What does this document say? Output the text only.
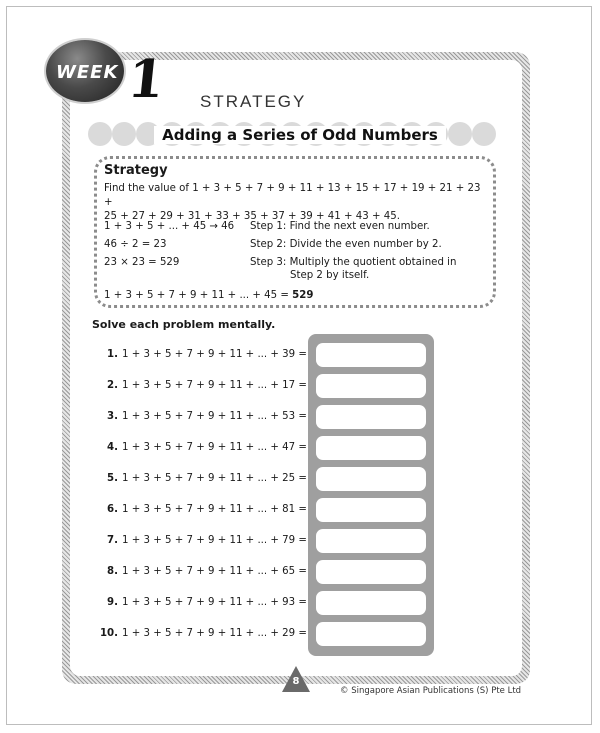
WEEK 1 STRATEGY
Adding a Series of Odd Numbers
Strategy
Find the value of 1 + 3 + 5 + 7 + 9 + 11 + 13 + 15 + 17 + 19 + 21 + 23 +
25 + 27 + 29 + 31 + 33 + 35 + 37 + 39 + 41 + 43 + 45.
1 + 3 + 5 + ... + 45 → 46 Step 1: Find the next even number.
46 ÷ 2 = 23	Step 2: Divide the even number by 2.
23 × 23 = 529	Step 3: Multiply the quotient obtained in
Step 2 by itself.
1 + 3 + 5 + 7 + 9 + 11 + ... + 45 = 529
Solve each problem mentally.
1. 1 + 3 + 5 + 7 + 9 + 11 + ... + 39 =
2. 1 + 3 + 5 + 7 + 9 + 11 + ... + 17 =
3. 1 + 3 + 5 + 7 + 9 + 11 + ... + 53 =
4. 1 + 3 + 5 + 7 + 9 + 11 + ... + 47 =
5. 1 + 3 + 5 + 7 + 9 + 11 + ... + 25 =
6. 1 + 3 + 5 + 7 + 9 + 11 + ... + 81 =
7. 1 + 3 + 5 + 7 + 9 + 11 + ... + 79 =
8. 1 + 3 + 5 + 7 + 9 + 11 + ... + 65 =
9. 1 + 3 + 5 + 7 + 9 + 11 + ... + 93 =
10. 1 + 3 + 5 + 7 + 9 + 11 + ... + 29 =
8
© Singapore Asian Publications (S) Pte Ltd
